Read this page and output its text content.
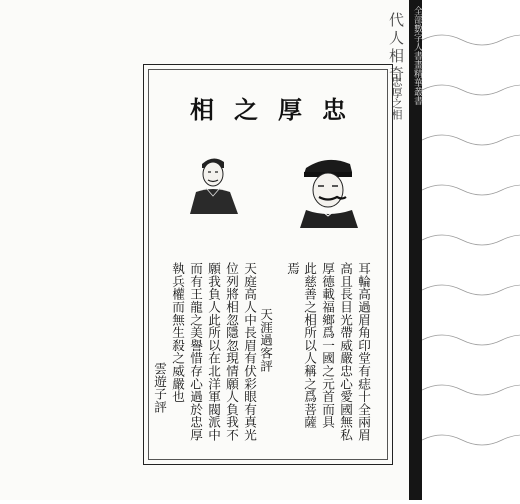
代人相奇
忠厚之相 全部數字人書畫精華叢書
相 之 厚 忠
耳輪高過眉角印堂有痣十全兩眉
高且長目光帶威嚴忠心愛國無私
厚德載福鄉爲一國之元首而具
此慈善之相所以人稱之爲菩薩
焉
天涯過客評
天庭高人中長眉有伏彩眼有真光
位列將相忽隱忽現情願人負我不
願我負人此所以在北洋軍閥派中
而有王龍之美譽惜存心過於忠厚
執兵權而無生殺之威嚴也
雲遊子評
